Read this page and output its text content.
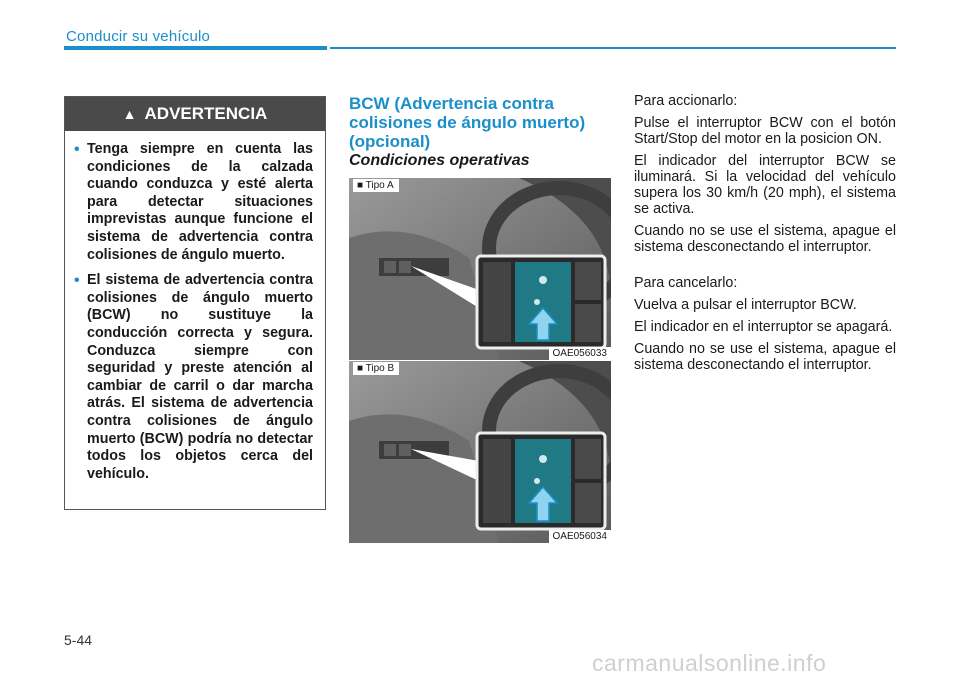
Conducir su vehículo
▲ ADVERTENCIA
• Tenga siempre en cuenta las condiciones de la calzada cuando conduzca y esté alerta para detectar situaciones imprevistas aunque funcione el sistema de advertencia contra colisiones de ángulo muerto.
• El sistema de advertencia contra colisiones de ángulo muerto (BCW) no sustituye la conducción correcta y segura. Conduzca siempre con seguridad y preste atención al cambiar de carril o dar marcha atrás. El sistema de advertencia contra colisiones de ángulo muerto (BCW) podría no detectar todos los objetos cerca del vehículo.
BCW (Advertencia contra colisiones de ángulo muerto) (opcional)
Condiciones operativas
■ Tipo A
OAE056033
■ Tipo B
OAE056034

Para accionarlo:

Pulse el interruptor BCW con el botón Start/Stop del motor en la posicion ON.

El indicador del interruptor BCW se iluminará. Si la velocidad del vehículo supera los 30 km/h (20 mph), el sistema se activa.

Cuando no se use el sistema, apague el sistema desconectando el interruptor.

Para cancelarlo:

Vuelva a pulsar el interruptor BCW.

El indicador en el interruptor se apagará.

Cuando no se use el sistema, apague el sistema desconectando el interruptor.

5-44
carmanualsonline.info
